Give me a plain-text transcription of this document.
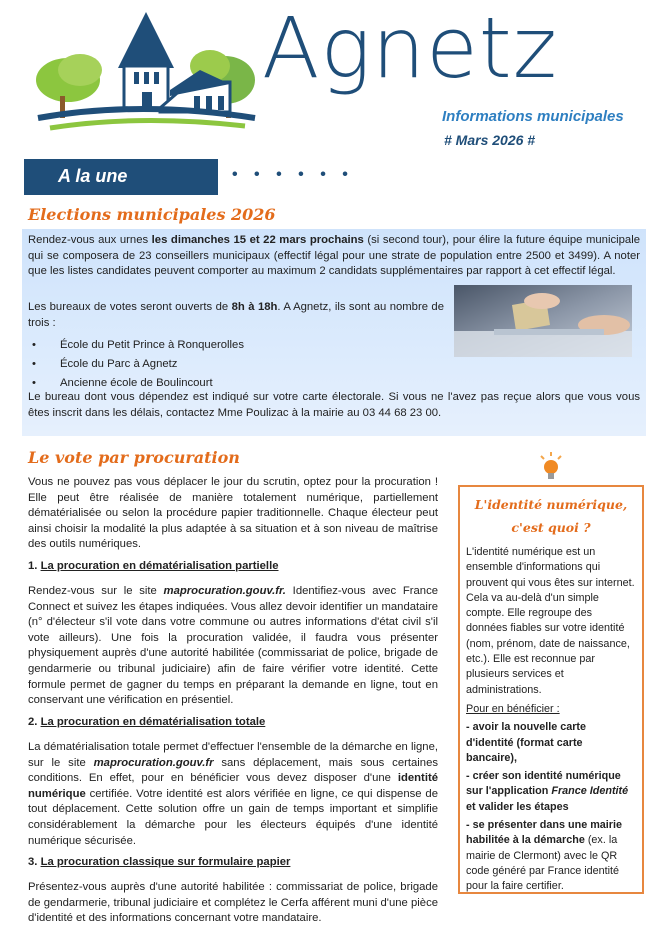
Agnetz
Informations municipales
# Mars 2026 #
A la une	• • • • • •
Elections municipales 2026

Rendez-vous aux urnes les dimanches 15 et 22 mars prochains (si second tour), pour élire la future équipe municipale qui se composera de 23 conseillers municipaux (effectif légal pour une strate de population entre 2500 et 3499). A noter que les listes candidates peuvent comporter au maximum 2 candidats supplémentaires par rapport à cet effectif légal.

Les bureaux de votes seront ouverts de 8h à 18h. A Agnetz, ils sont au nombre de trois :

• École du Petit Prince à Ronquerolles
• École du Parc à Agnetz
• Ancienne école de Boulincourt

Le bureau dont vous dépendez est indiqué sur votre carte électorale. Si vous ne l'avez pas reçue alors que vous vous êtes inscrit dans les délais, contactez Mme Poulizac à la mairie au 03 44 68 23 00.

Le vote par procuration

Vous ne pouvez pas vous déplacer le jour du scrutin, optez pour la procuration ! Elle peut être réalisée de manière totalement numérique, partiellement dématérialisée ou selon la procédure papier traditionnelle. Chaque électeur peut ainsi choisir la modalité la plus adaptée à sa situation et à son niveau de maîtrise des outils numériques.

1. La procuration en dématérialisation partielle

Rendez-vous sur le site maprocuration.gouv.fr. Identifiez-vous avec France Connect et suivez les étapes indiquées. Vous allez devoir identifier un mandataire (n° d'électeur s'il vote dans votre commune ou autres informations d'état civil s'il vote ailleurs). Une fois la procuration validée, il faudra vous présenter physiquement auprès d'une autorité habilitée (commissariat de police, brigade de gendarmerie ou tribunal judiciaire) afin de faire vérifier votre identité. Cette formule permet de gagner du temps en préparant la demande en ligne, tout en conservant une vérification en présentiel.

2. La procuration en dématérialisation totale

La dématérialisation totale permet d'effectuer l'ensemble de la démarche en ligne, sur le site maprocuration.gouv.fr sans déplacement, mais sous certaines conditions. En effet, pour en bénéficier vous devez disposer d'une identité numérique certifiée. Votre identité est alors vérifiée en ligne, ce qui dispense de tout déplacement. Cette solution offre un gain de temps important et simplifie considérablement la démarche pour les électeurs équipés d'une identité numérique sécurisée.

3. La procuration classique sur formulaire papier

Présentez-vous auprès d'une autorité habilitée : commissariat de police, brigade de gendarmerie, tribunal judiciaire et complétez le Cerfa afférent muni d'une pièce d'identité et des informations concernant votre mandataire.

L'identité numérique,
c'est quoi ?
L'identité numérique est un ensemble d'informations qui prouvent qui vous êtes sur internet. Cela va au-delà d'un simple compte. Elle regroupe des données fiables sur votre identité (nom, prénom, date de naissance, etc.). Elle est reconnue par plusieurs services et administrations.
Pour en bénéficier :
- avoir la nouvelle carte d'identité (format carte bancaire),
- créer son identité numérique sur l'application France Identité et valider les étapes
- se présenter dans une mairie habilitée à la démarche (ex. la mairie de Clermont) avec le QR code généré par France identité pour la faire certifier.
